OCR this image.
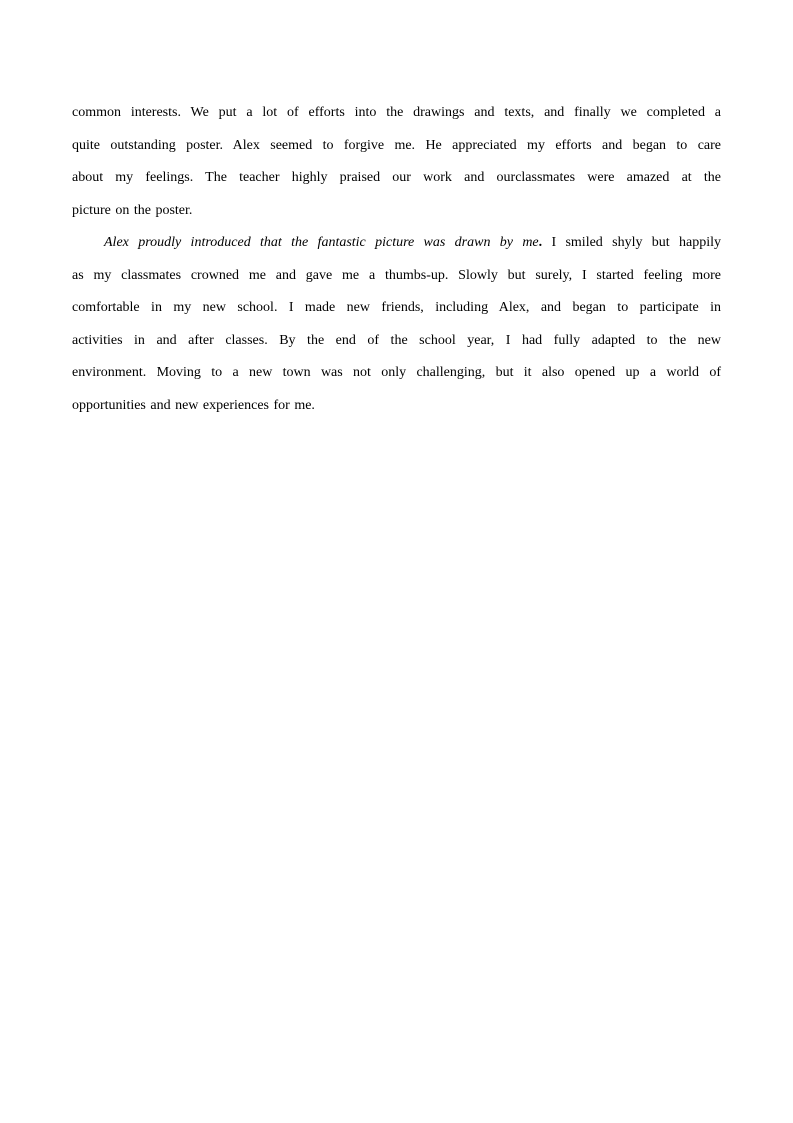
common interests. We put a lot of efforts into the drawings and texts, and finally we completed a
quite outstanding poster. Alex seemed to forgive me. He appreciated my efforts and began to care
about my feelings. The teacher highly praised our work and ourclassmates were amazed at the
picture on the poster.
Alex proudly introduced that the fantastic picture was drawn by me. I smiled shyly but happily
as my classmates crowned me and gave me a thumbs-up. Slowly but surely, I started feeling more
comfortable in my new school. I made new friends, including Alex, and began to participate in
activities in and after classes. By the end of the school year, I had fully adapted to the new
environment. Moving to a new town was not only challenging, but it also opened up a world of
opportunities and new experiences for me.
